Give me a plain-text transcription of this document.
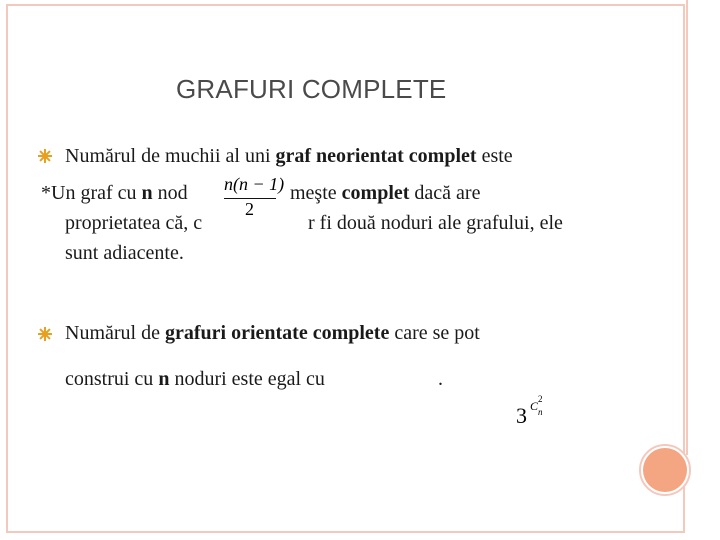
GRAFURI COMPLETE
Numărul de muchii al uni graf neorientat complet este
*Un graf cu n nod	meşte complet dacă are
proprietatea că, c	r fi două noduri ale grafului, ele
sunt adiacente.
n(n − 1)
2
Numărul de grafuri orientate complete care se pot
construi cu n noduri este egal cu	.
3 C 2
n
